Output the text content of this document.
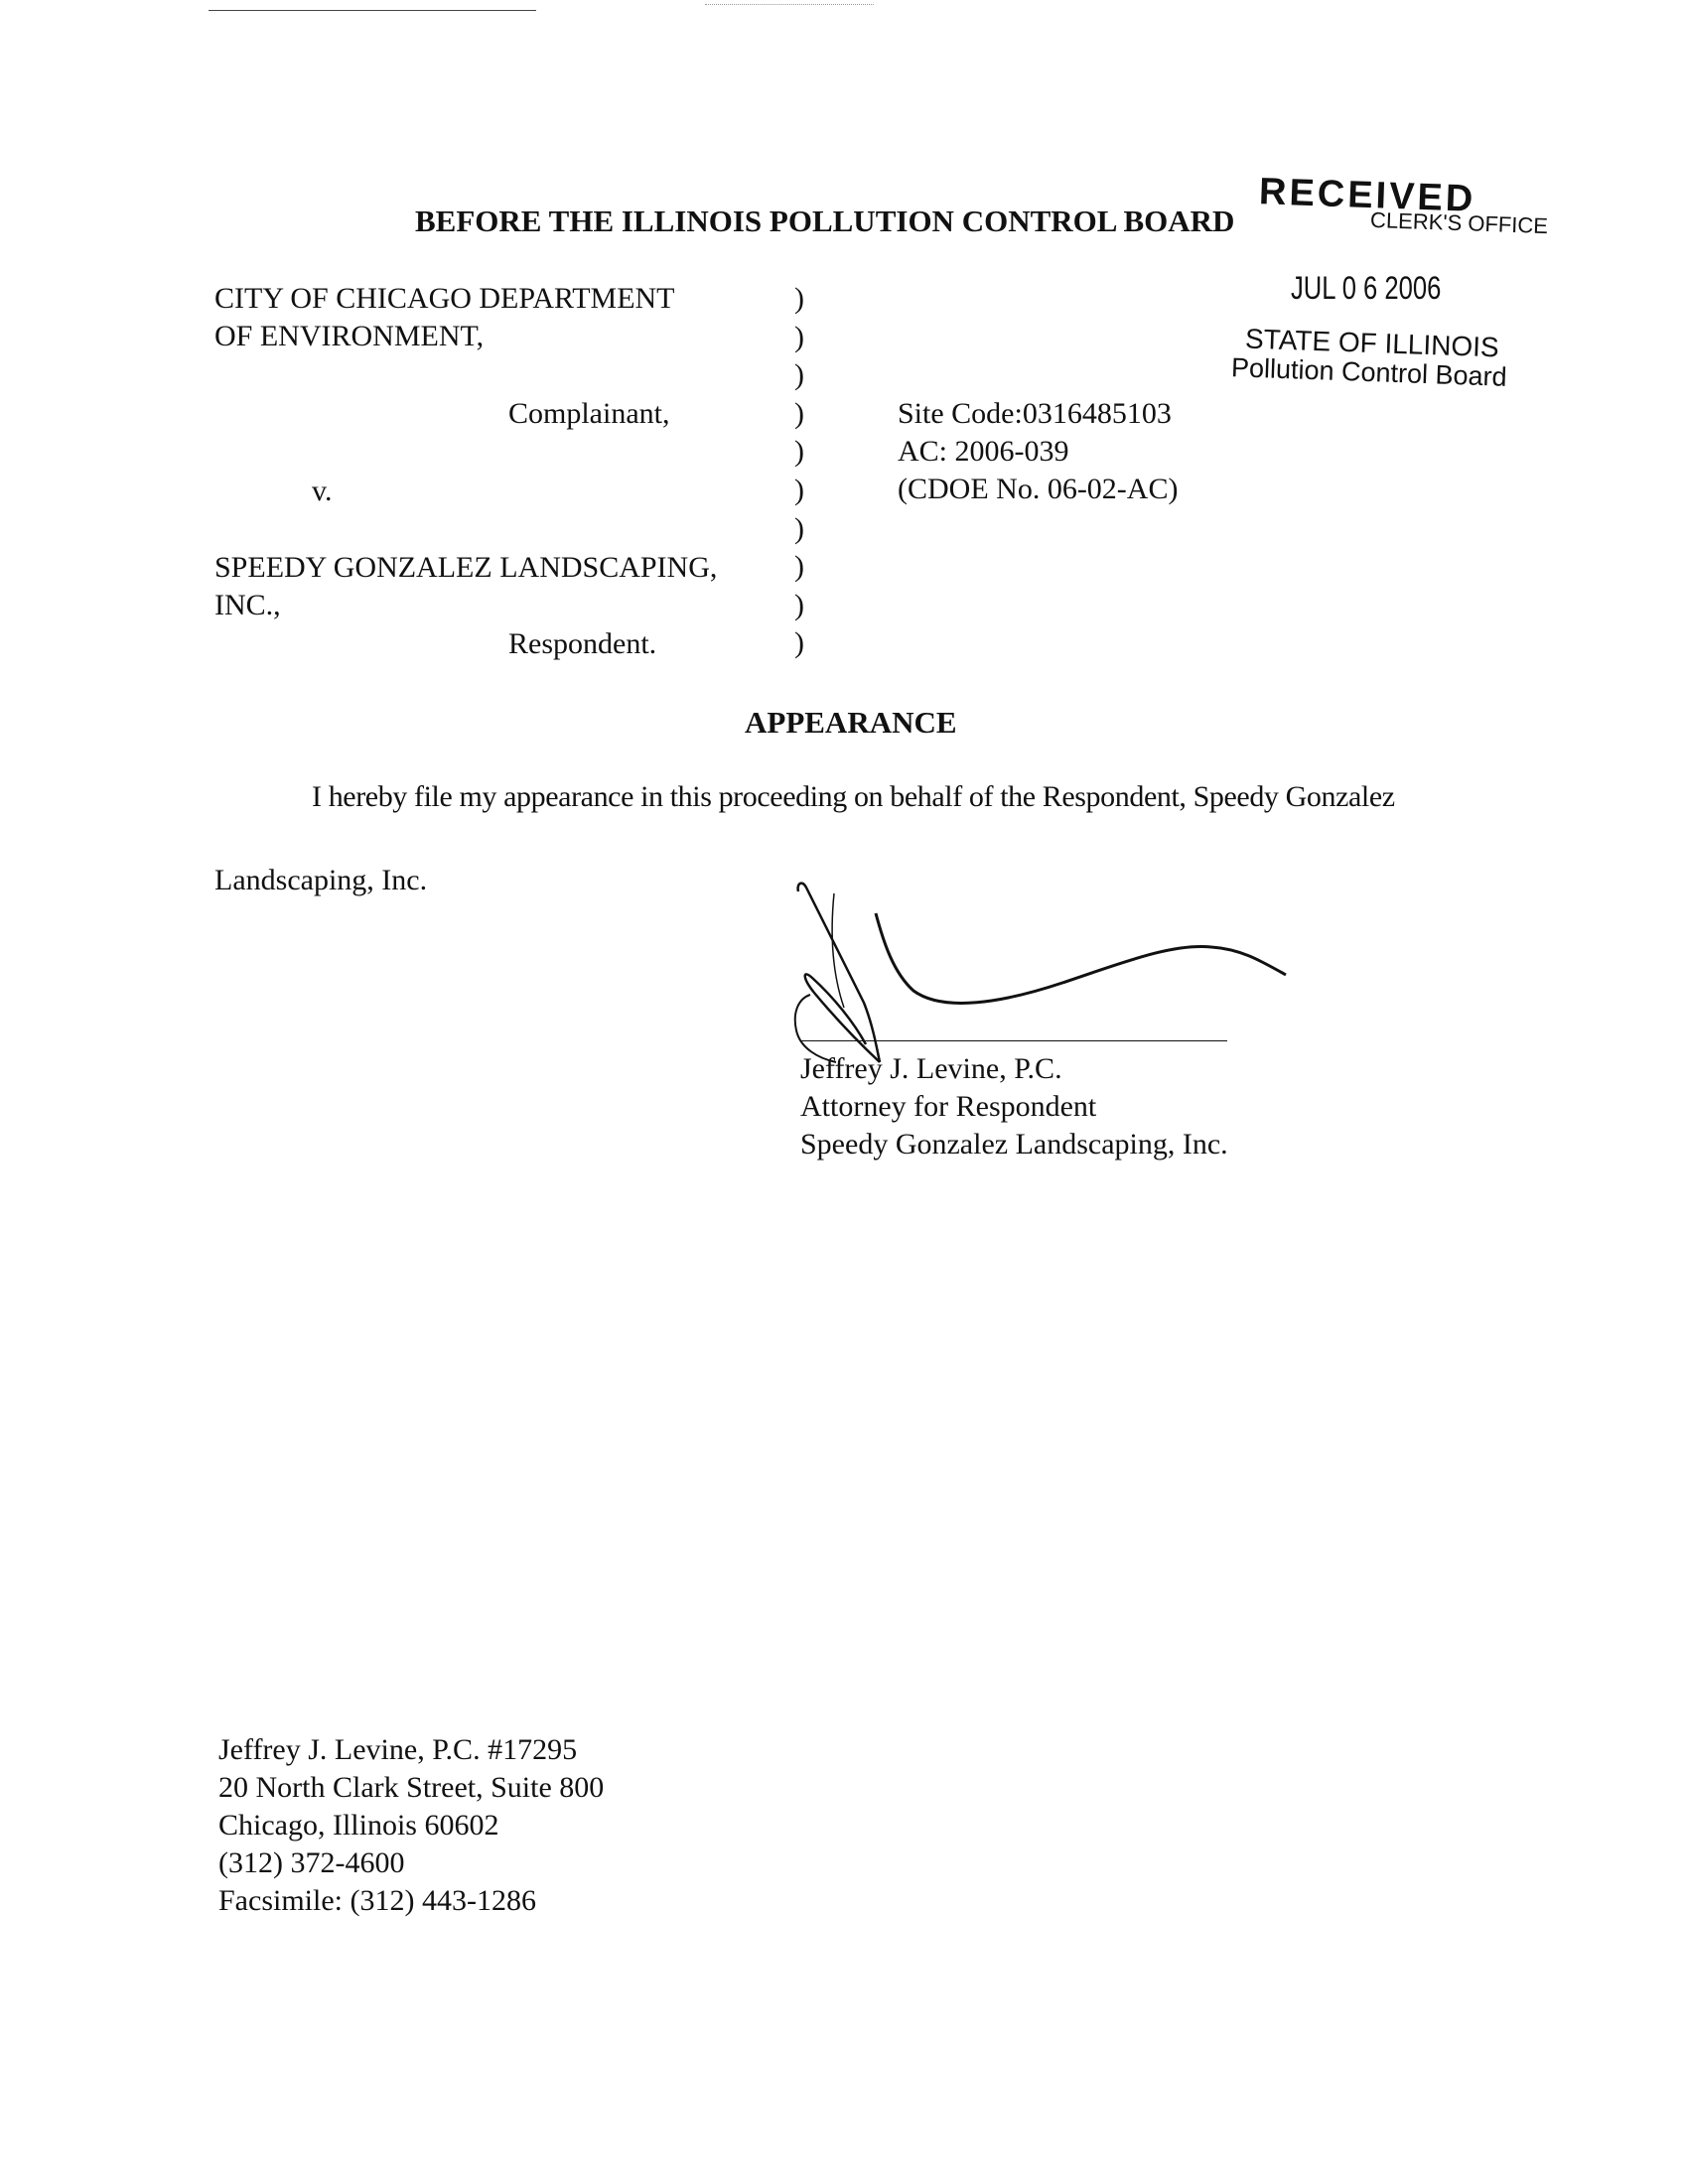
RECEIVED
CLERK'S OFFICE
JUL 0 6 2006
STATE OF ILLINOIS
Pollution Control Board
BEFORE THE ILLINOIS POLLUTION CONTROL BOARD
CITY OF CHICAGO DEPARTMENT
OF ENVIRONMENT,
Complainant,
v.
SPEEDY GONZALEZ LANDSCAPING,
INC.,
Respondent.
)
)
)
)
)
)
)
)
)
)
Site Code:0316485103
AC: 2006-039
(CDOE No. 06-02-AC)
APPEARANCE
I hereby file my appearance in this proceeding on behalf of the Respondent, Speedy Gonzalez
Landscaping, Inc.
Jeffrey J. Levine, P.C.
Attorney for Respondent
Speedy Gonzalez Landscaping, Inc.
Jeffrey J. Levine, P.C. #17295
20 North Clark Street, Suite 800
Chicago, Illinois 60602
(312) 372-4600
Facsimile: (312) 443-1286
